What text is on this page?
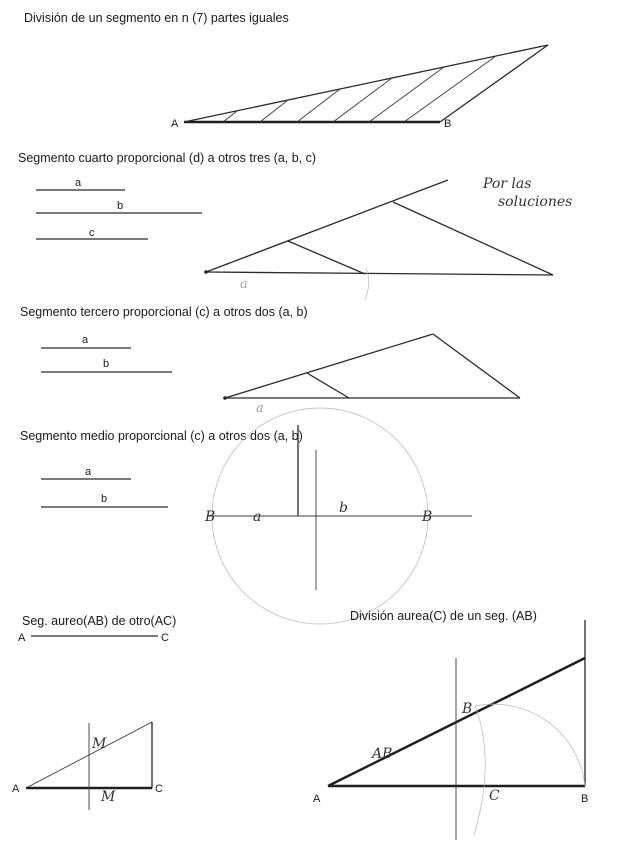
División de un segmento en n (7) partes iguales
A	B
Segmento cuarto proporcional (d) a otros tres (a, b, c)
a
b
c
a
Por las
soluciones
Segmento tercero proporcional (c) a otros dos (a, b)
a
b
a
Segmento medio proporcional (c) a otros dos (a, b)
a
b
B	a
b
B
Seg. aureo(AB) de otro(AC)
A	C
A	C
M
M
División aurea(C) de un seg. (AB)
A	B
C
AB
B
